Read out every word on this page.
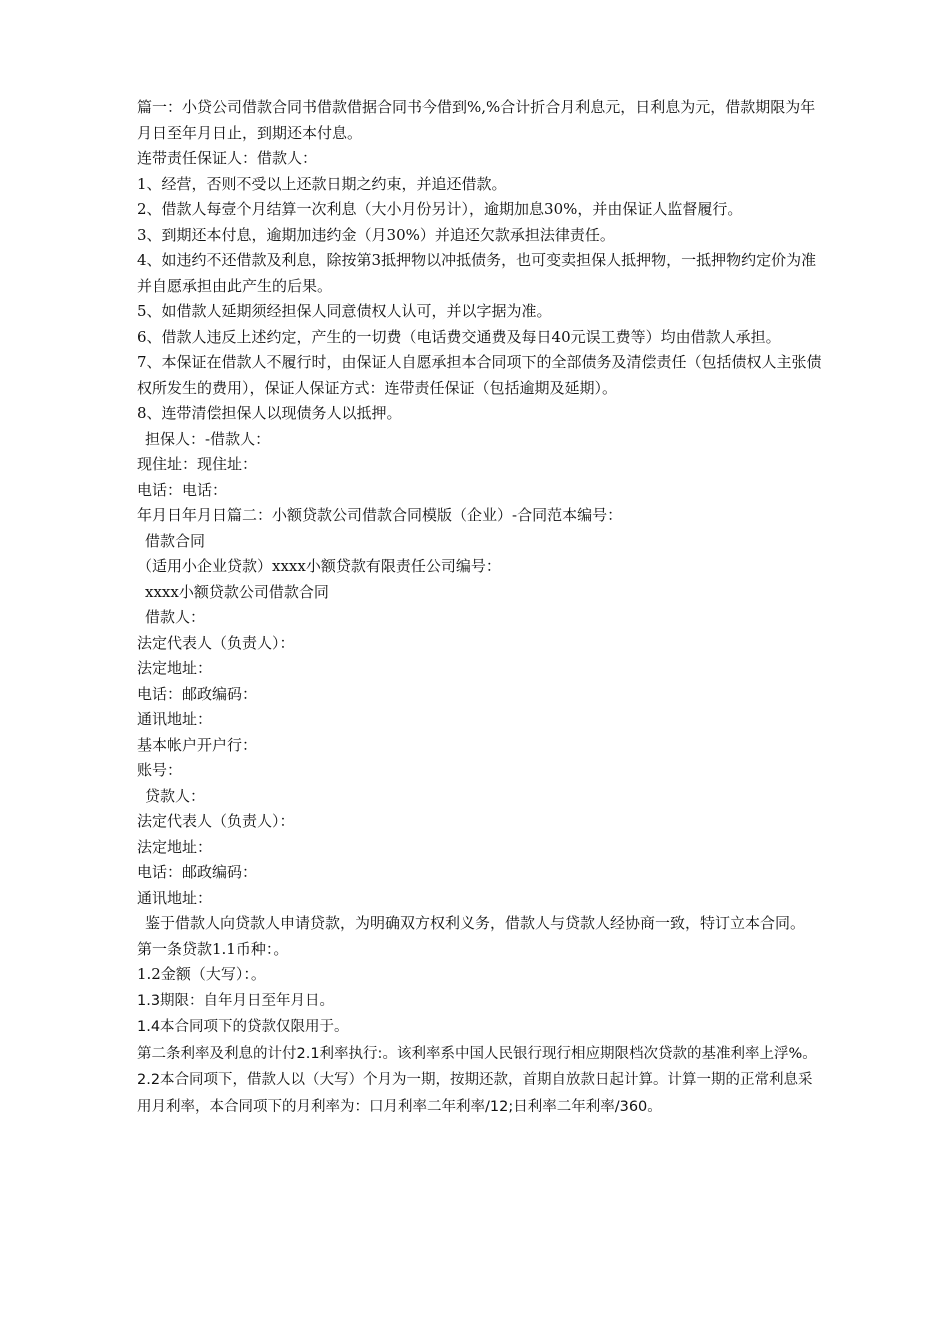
篇一：小贷公司借款合同书借款借据合同书今借到%,%合计折合月利息元，日利息为元，借款期限为年月日至年月日止，到期还本付息。

连带责任保证人：借款人：

1、经营，否则不受以上还款日期之约束，并追还借款。

2、借款人每壹个月结算一次利息（大小月份另计），逾期加息30%，并由保证人监督履行。

3、到期还本付息，逾期加违约金（月30%）并追还欠款承担法律责任。

4、如违约不还借款及利息，除按第3抵押物以冲抵债务，也可变卖担保人抵押物，一抵押物约定价为准并自愿承担由此产生的后果。

5、如借款人延期须经担保人同意债权人认可，并以字据为准。

6、借款人违反上述约定，产生的一切费（电话费交通费及每日40元误工费等）均由借款人承担。

7、本保证在借款人不履行时，由保证人自愿承担本合同项下的全部债务及清偿责任（包括债权人主张债权所发生的费用），保证人保证方式：连带责任保证（包括逾期及延期）。

8、连带清偿担保人以现债务人以抵押。

担保人：-借款人：

现住址：现住址：

电话：电话：

年月日年月日篇二：小额贷款公司借款合同模版（企业）-合同范本编号：

借款合同

（适用小企业贷款）xxxx小额贷款有限责任公司编号：

xxxx小额贷款公司借款合同

借款人：

法定代表人（负责人）：

法定地址：

电话：邮政编码：

通讯地址：

基本帐户开户行：

账号：

贷款人：

法定代表人（负责人）：

法定地址：

电话：邮政编码：

通讯地址：

鉴于借款人向贷款人申请贷款，为明确双方权利义务，借款人与贷款人经协商一致，特订立本合同。

第一条贷款1.1币种：。

1.2金额（大写）：。

1.3期限：自年月日至年月日。

1.4本合同项下的贷款仅限用于。

第二条利率及利息的计付2.1利率执行:。该利率系中国人民银行现行相应期限档次贷款的基准利率上浮%。2.2本合同项下，借款人以（大写）个月为一期，按期还款，首期自放款日起计算。计算一期的正常利息采用月利率，本合同项下的月利率为：口月利率二年利率/12;日利率二年利率/360。
